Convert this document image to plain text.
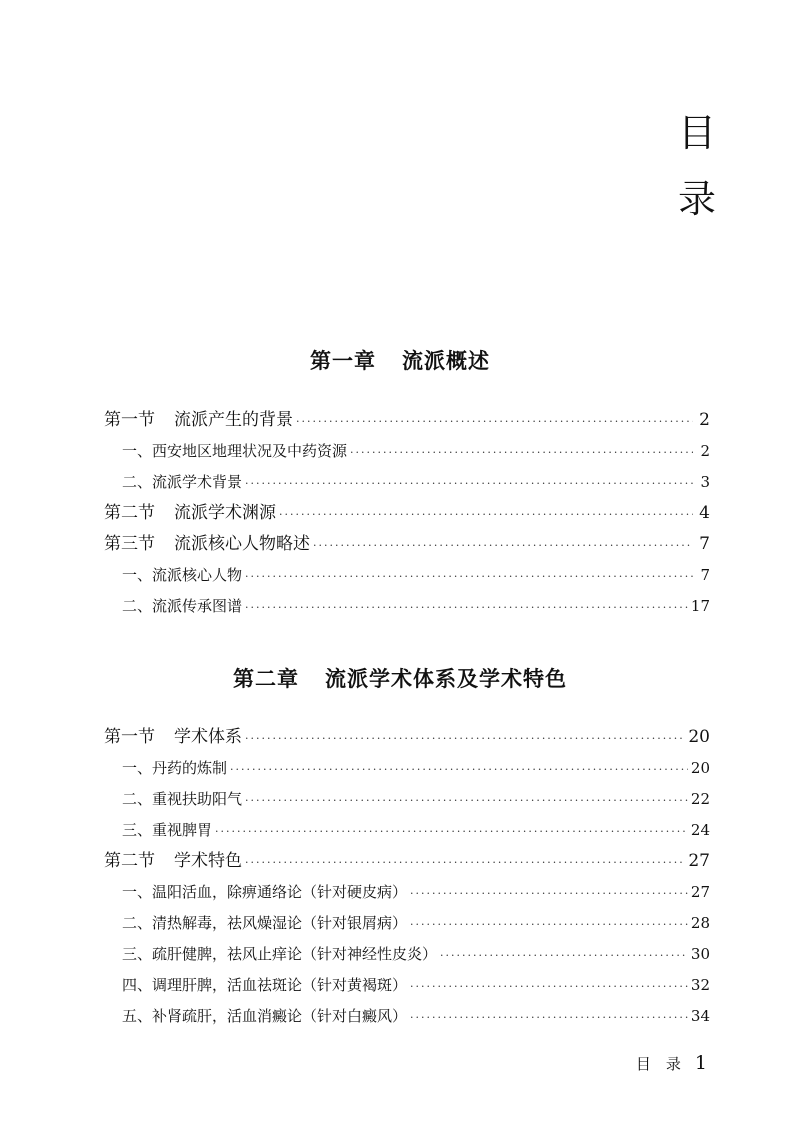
目
录
第一章 流派概述
第一节 流派产生的背景 ·····	2
一、西安地区地理状况及中药资源 ·····	2
二、流派学术背景 ·····	3
第二节 流派学术渊源 ·····	4
第三节 流派核心人物略述 ·····	7
一、流派核心人物 ·····	7
二、流派传承图谱 ·····	17
第二章 流派学术体系及学术特色
第一节 学术体系 ·····	20
一、丹药的炼制 ·····	20
二、重视扶助阳气 ·····	22
三、重视脾胃 ·····	24
第二节 学术特色 ·····	27
一、温阳活血，除痹通络论（针对硬皮病） ·····	27
二、清热解毒，祛风燥湿论（针对银屑病） ·····	28
三、疏肝健脾，祛风止痒论（针对神经性皮炎） ·····	30
四、调理肝脾，活血祛斑论（针对黄褐斑） ·····	32
五、补肾疏肝，活血消癜论（针对白癜风） ·····	34
目　录 1
